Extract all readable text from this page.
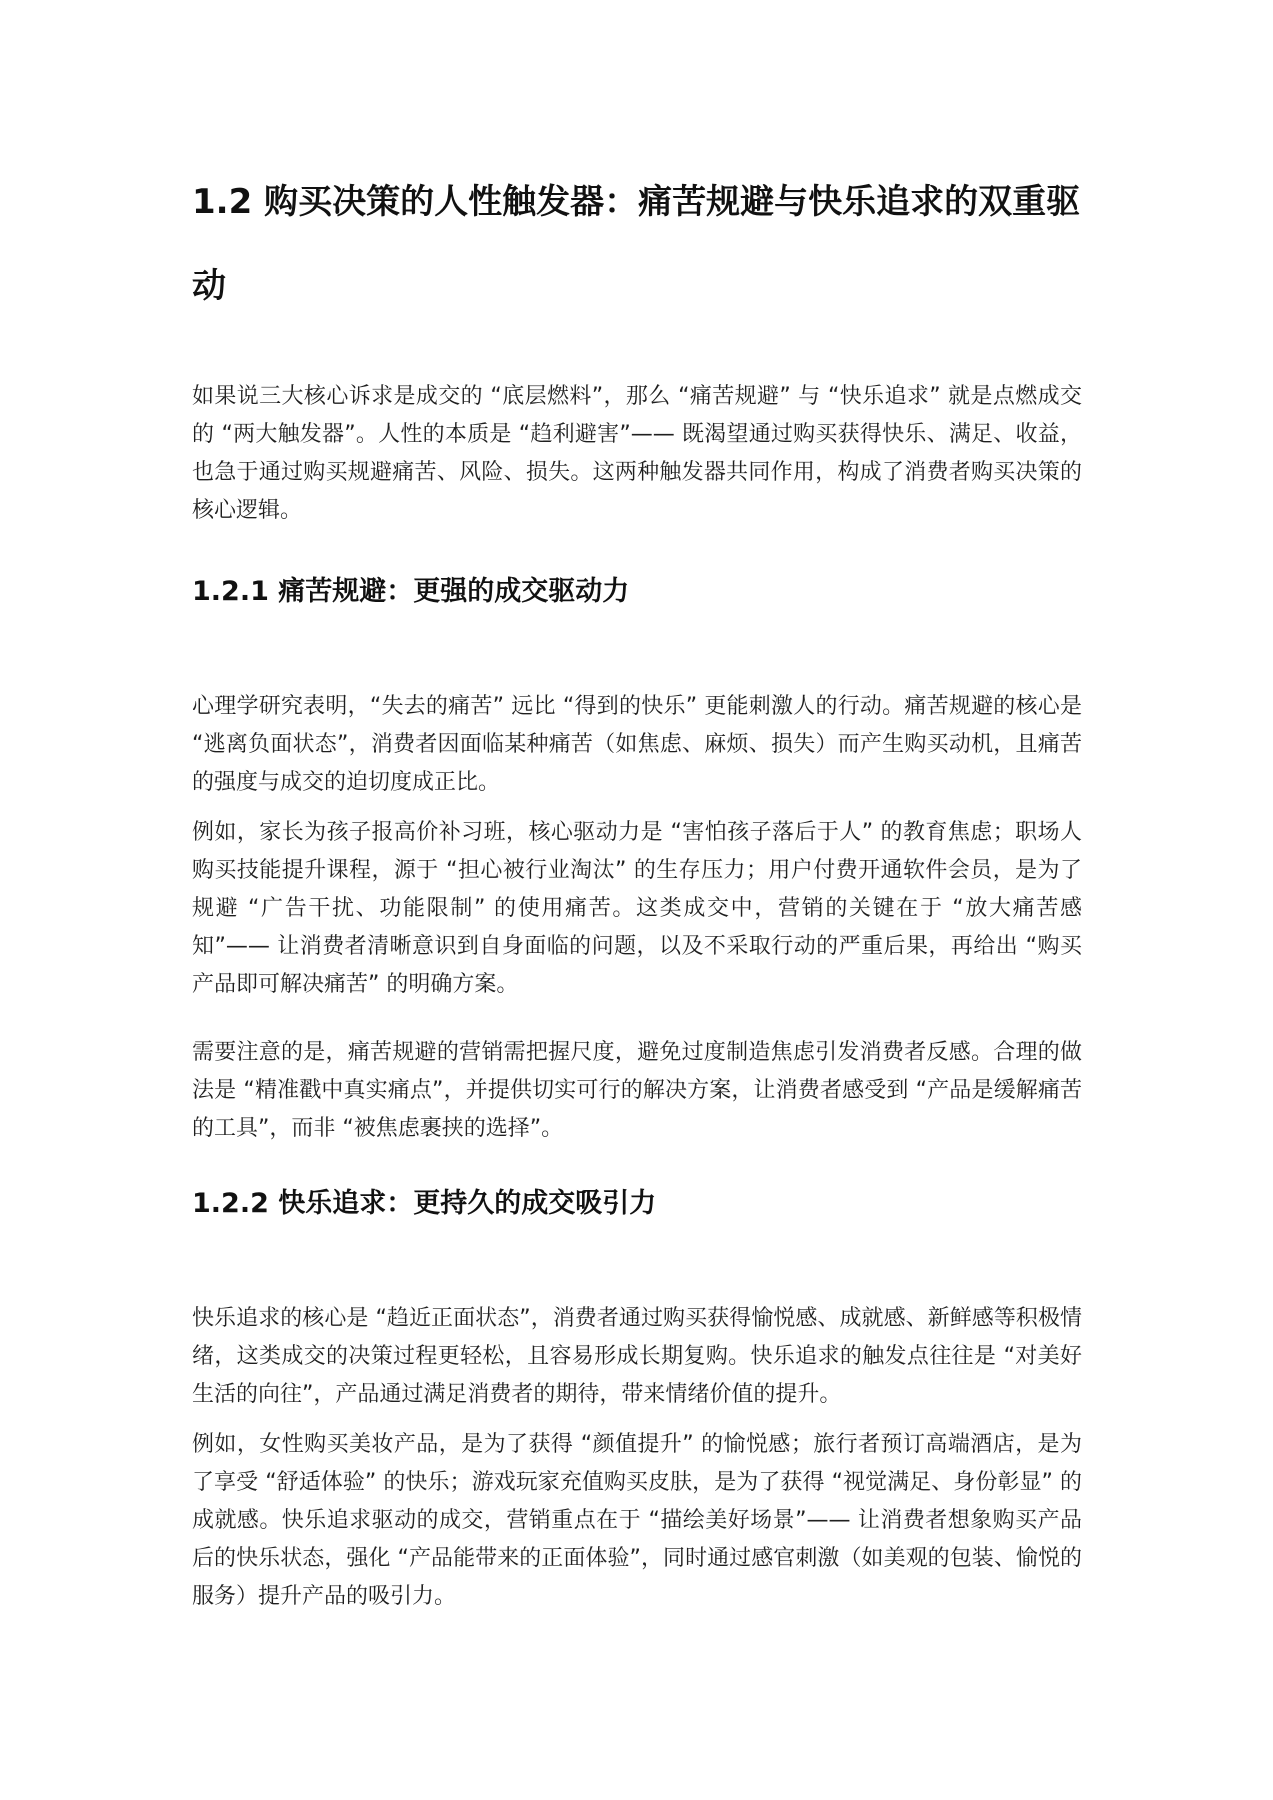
1.2 购买决策的人性触发器：痛苦规避与快乐追求的双重驱动

如果说三大核心诉求是成交的 “底层燃料”，那么 “痛苦规避” 与 “快乐追求” 就是点燃成交的 “两大触发器”。人性的本质是 “趋利避害”—— 既渴望通过购买获得快乐、满足、收益，也急于通过购买规避痛苦、风险、损失。这两种触发器共同作用，构成了消费者购买决策的核心逻辑。

1.2.1 痛苦规避：更强的成交驱动力

心理学研究表明，“失去的痛苦” 远比 “得到的快乐” 更能刺激人的行动。痛苦规避的核心是 “逃离负面状态”，消费者因面临某种痛苦（如焦虑、麻烦、损失）而产生购买动机，且痛苦的强度与成交的迫切度成正比。

例如，家长为孩子报高价补习班，核心驱动力是 “害怕孩子落后于人” 的教育焦虑；职场人购买技能提升课程，源于 “担心被行业淘汰” 的生存压力；用户付费开通软件会员，是为了规避 “广告干扰、功能限制” 的使用痛苦。这类成交中，营销的关键在于 “放大痛苦感知”—— 让消费者清晰意识到自身面临的问题，以及不采取行动的严重后果，再给出 “购买产品即可解决痛苦” 的明确方案。

需要注意的是，痛苦规避的营销需把握尺度，避免过度制造焦虑引发消费者反感。合理的做法是 “精准戳中真实痛点”，并提供切实可行的解决方案，让消费者感受到 “产品是缓解痛苦的工具”，而非 “被焦虑裹挟的选择”。

1.2.2 快乐追求：更持久的成交吸引力

快乐追求的核心是 “趋近正面状态”，消费者通过购买获得愉悦感、成就感、新鲜感等积极情绪，这类成交的决策过程更轻松，且容易形成长期复购。快乐追求的触发点往往是 “对美好生活的向往”，产品通过满足消费者的期待，带来情绪价值的提升。

例如，女性购买美妆产品，是为了获得 “颜值提升” 的愉悦感；旅行者预订高端酒店，是为了享受 “舒适体验” 的快乐；游戏玩家充值购买皮肤，是为了获得 “视觉满足、身份彰显” 的成就感。快乐追求驱动的成交，营销重点在于 “描绘美好场景”—— 让消费者想象购买产品后的快乐状态，强化 “产品能带来的正面体验”，同时通过感官刺激（如美观的包装、愉悦的服务）提升产品的吸引力。
